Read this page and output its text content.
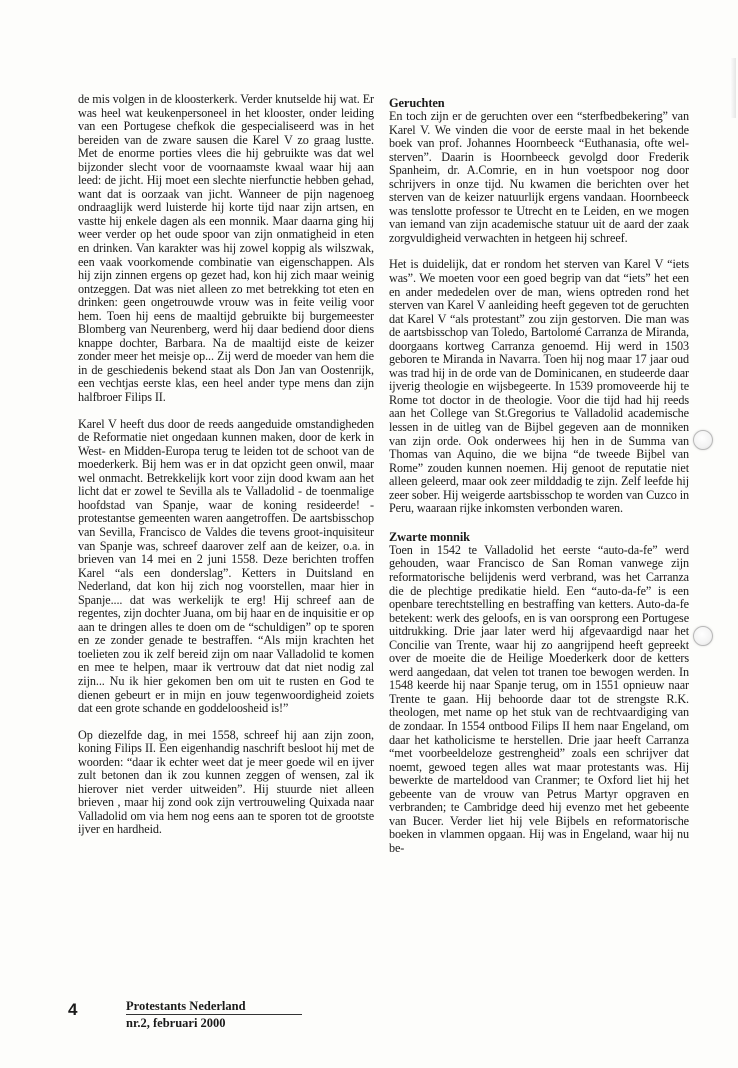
de mis volgen in de kloosterkerk. Verder knutselde hij wat. Er was heel wat keukenpersoneel in het klooster, onder leiding van een Portugese chefkok die gespecialiseerd was in het bereiden van de zware sausen die Karel V zo graag lustte. Met de enorme porties vlees die hij gebruikte was dat wel bijzonder slecht voor de voornaamste kwaal waar hij aan leed: de jicht. Hij moet een slechte nierfunctie hebben gehad, want dat is oorzaak van jicht. Wanneer de pijn nagenoeg ondraaglijk werd luisterde hij korte tijd naar zijn artsen, en vastte hij enkele dagen als een monnik. Maar daarna ging hij weer verder op het oude spoor van zijn onmatigheid in eten en drinken. Van karakter was hij zowel koppig als wilszwak, een vaak voorkomende combinatie van eigenschappen. Als hij zijn zinnen ergens op gezet had, kon hij zich maar weinig ontzeggen. Dat was niet alleen zo met betrekking tot eten en drinken: geen ongetrouwde vrouw was in feite veilig voor hem. Toen hij eens de maaltijd gebruikte bij burgemeester Blomberg van Neurenberg, werd hij daar bediend door diens knappe dochter, Barbara. Na de maaltijd eiste de keizer zonder meer het meisje op... Zij werd de moeder van hem die in de geschiedenis bekend staat als Don Jan van Oostenrijk, een vechtjas eerste klas, een heel ander type mens dan zijn halfbroer Filips II.

Karel V heeft dus door de reeds aangeduide omstandigheden de Reformatie niet ongedaan kunnen maken, door de kerk in West- en Midden-Europa terug te leiden tot de schoot van de moederkerk. Bij hem was er in dat opzicht geen onwil, maar wel onmacht. Betrekkelijk kort voor zijn dood kwam aan het licht dat er zowel te Sevilla als te Valladolid - de toenmalige hoofdstad van Spanje, waar de koning resideerde! - protestantse gemeenten waren aangetroffen. De aartsbisschop van Sevilla, Francisco de Valdes die tevens groot-inquisiteur van Spanje was, schreef daarover zelf aan de keizer, o.a. in brieven van 14 mei en 2 juni 1558. Deze berichten troffen Karel “als een donderslag”. Ketters in Duitsland en Nederland, dat kon hij zich nog voorstellen, maar hier in Spanje.... dat was werkelijk te erg! Hij schreef aan de regentes, zijn dochter Juana, om bij haar en de inquisitie er op aan te dringen alles te doen om de “schuldigen” op te sporen en ze zonder genade te bestraffen. “Als mijn krachten het toelieten zou ik zelf bereid zijn om naar Valladolid te komen en mee te helpen, maar ik vertrouw dat dat niet nodig zal zijn... Nu ik hier gekomen ben om uit te rusten en God te dienen gebeurt er in mijn en jouw tegenwoordigheid zoiets dat een grote schande en goddeloosheid is!”

Op diezelfde dag, in mei 1558, schreef hij aan zijn zoon, koning Filips II. Een eigenhandig naschrift besloot hij met de woorden: “daar ik echter weet dat je meer goede wil en ijver zult betonen dan ik zou kunnen zeggen of wensen, zal ik hierover niet verder uitweiden”. Hij stuurde niet alleen brieven , maar hij zond ook zijn vertrouweling Quixada naar Valladolid om via hem nog eens aan te sporen tot de grootste ijver en hardheid.

Geruchten

En toch zijn er de geruchten over een “sterfbedbekering” van Karel V. We vinden die voor de eerste maal in het bekende boek van prof. Johannes Hoornbeeck “Euthanasia, ofte wel-sterven”. Daarin is Hoornbeeck gevolgd door Frederik Spanheim, dr. A.Comrie, en in hun voetspoor nog door schrijvers in onze tijd. Nu kwamen die berichten over het sterven van de keizer natuurlijk ergens vandaan. Hoornbeeck was tenslotte professor te Utrecht en te Leiden, en we mogen van iemand van zijn academische statuur uit de aard der zaak zorgvuldigheid verwachten in hetgeen hij schreef.

Het is duidelijk, dat er rondom het sterven van Karel V “iets was”. We moeten voor een goed begrip van dat “iets” het een en ander mededelen over de man, wiens optreden rond het sterven van Karel V aanleiding heeft gegeven tot de geruchten dat Karel V “als protestant” zou zijn gestorven. Die man was de aartsbisschop van Toledo, Bartolomé Carranza de Miranda, doorgaans kortweg Carranza genoemd. Hij werd in 1503 geboren te Miranda in Navarra. Toen hij nog maar 17 jaar oud was trad hij in de orde van de Dominicanen, en studeerde daar ijverig theologie en wijsbegeerte. In 1539 promoveerde hij te Rome tot doctor in de theologie. Voor die tijd had hij reeds aan het College van St.Gregorius te Valladolid academische lessen in de uitleg van de Bijbel gegeven aan de monniken van zijn orde. Ook onderwees hij hen in de Summa van Thomas van Aquino, die we bijna “de tweede Bijbel van Rome” zouden kunnen noemen. Hij genoot de reputatie niet alleen geleerd, maar ook zeer milddadig te zijn. Zelf leefde hij zeer sober. Hij weigerde aartsbisschop te worden van Cuzco in Peru, waaraan rijke inkomsten verbonden waren.

Zwarte monnik

Toen in 1542 te Valladolid het eerste “auto-da-fe” werd gehouden, waar Francisco de San Roman vanwege zijn reformatorische belijdenis werd verbrand, was het Carranza die de plechtige predikatie hield. Een “auto-da-fe” is een openbare terechtstelling en bestraffing van ketters. Auto-da-fe betekent: werk des geloofs, en is van oorsprong een Portugese uitdrukking. Drie jaar later werd hij afgevaardigd naar het Concilie van Trente, waar hij zo aangrijpend heeft gepreekt over de moeite die de Heilige Moederkerk door de ketters werd aangedaan, dat velen tot tranen toe bewogen werden. In 1548 keerde hij naar Spanje terug, om in 1551 opnieuw naar Trente te gaan. Hij behoorde daar tot de strengste R.K. theologen, met name op het stuk van de rechtvaardiging van de zondaar. In 1554 ontbood Filips II hem naar Engeland, om daar het katholicisme te herstellen. Drie jaar heeft Carranza “met voorbeeldeloze gestrengheid” zoals een schrijver dat noemt, gewoed tegen alles wat maar protestants was. Hij bewerkte de marteldood van Cranmer; te Oxford liet hij het gebeente van de vrouw van Petrus Martyr opgraven en verbranden; te Cambridge deed hij evenzo met het gebeente van Bucer. Verder liet hij vele Bijbels en reformatorische boeken in vlammen opgaan. Hij was in Engeland, waar hij nu be-

4	Protestants Nederland
nr.2, februari 2000
